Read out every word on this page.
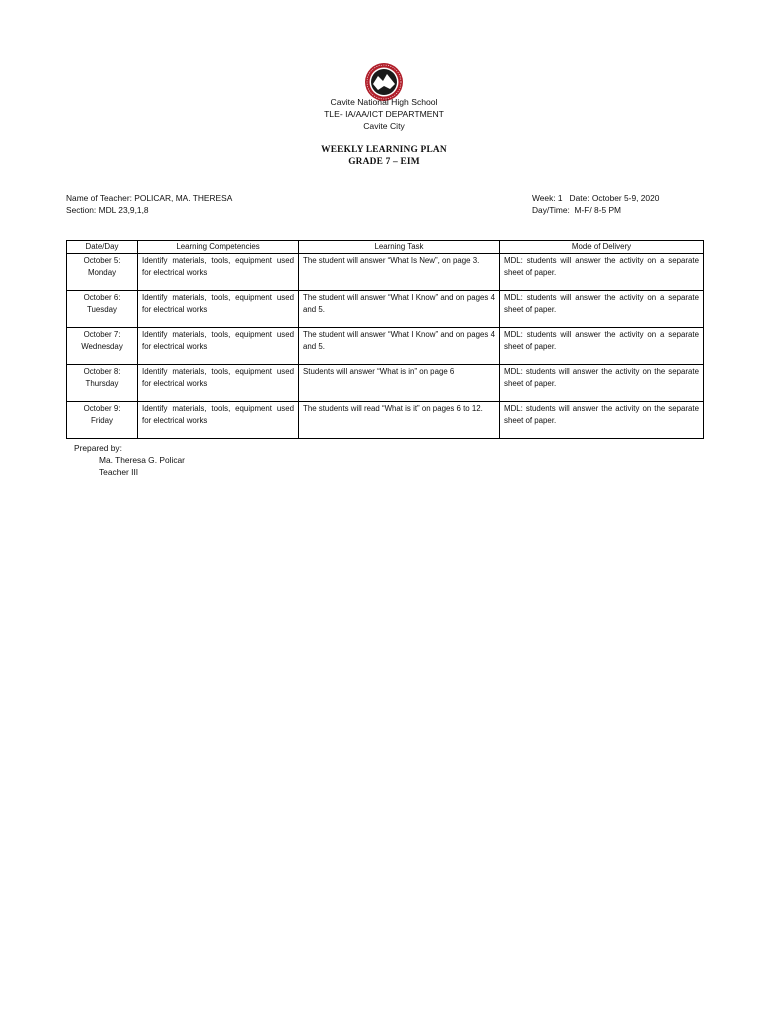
Cavite National High School
TLE- IA/AA/ICT DEPARTMENT
Cavite City
WEEKLY LEARNING PLAN
GRADE 7 – EIM
Name of Teacher: POLICAR, MA. THERESA
Section: MDL 23,9,1,8
Week: 1   Date: October 5-9, 2020
Day/Time:  M-F/ 8-5 PM
Date/Day	Learning Competencies	Learning Task	Mode of Delivery

October 5:
Monday	Identify materials, tools, equipment used for electrical works	The student will answer “What Is New”, on page 3.	MDL: students will answer the activity on a separate sheet of paper.

October 6:
Tuesday	Identify materials, tools, equipment used for electrical works	The student will answer “What I Know” and on pages 4 and 5.	MDL: students will answer the activity on a separate sheet of paper.

October 7:
Wednesday	Identify materials, tools, equipment used for electrical works	The student will answer “What I Know” and on pages 4 and 5.	MDL: students will answer the activity on a separate sheet of paper.

October 8:
Thursday	Identify materials, tools, equipment used for electrical works	Students will answer “What is in” on page 6	MDL: students will answer the activity on the separate sheet of paper.

October 9:
Friday	Identify materials, tools, equipment used for electrical works	The students will read “What is it” on pages 6 to 12.	MDL: students will answer the activity on the separate sheet of paper.
Prepared by:
Ma. Theresa G. Policar
Teacher III
